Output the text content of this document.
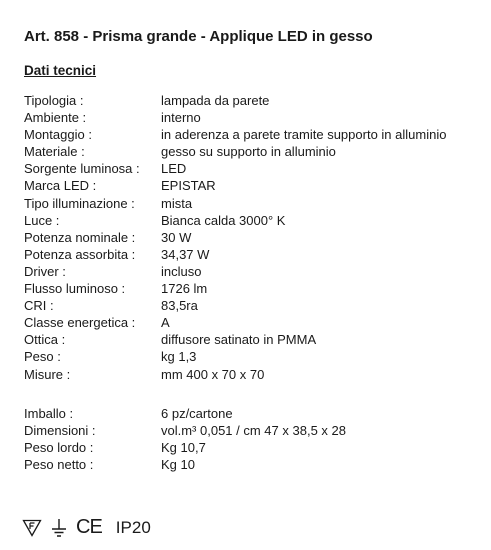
Art. 858 - Prisma grande - Applique LED in gesso
Dati tecnici
Tipologia :	lampada da parete
Ambiente :	interno
Montaggio :	in aderenza a parete tramite supporto in alluminio
Materiale :	gesso su supporto in alluminio
Sorgente luminosa :	LED
Marca LED :	EPISTAR
Tipo illuminazione :	mista
Luce :	Bianca calda 3000° K
Potenza nominale :	30 W
Potenza assorbita :	34,37 W
Driver :	incluso
Flusso luminoso :	1726 lm
CRI :	83,5ra
Classe energetica :	A
Ottica :	diffusore satinato in PMMA
Peso :	kg 1,3
Misure :	mm 400 x 70 x 70
Imballo :	6 pz/cartone
Dimensioni :	vol.m³ 0,051 / cm 47 x 38,5 x 28
Peso lordo :	Kg 10,7
Peso netto :	Kg 10
CE IP20
